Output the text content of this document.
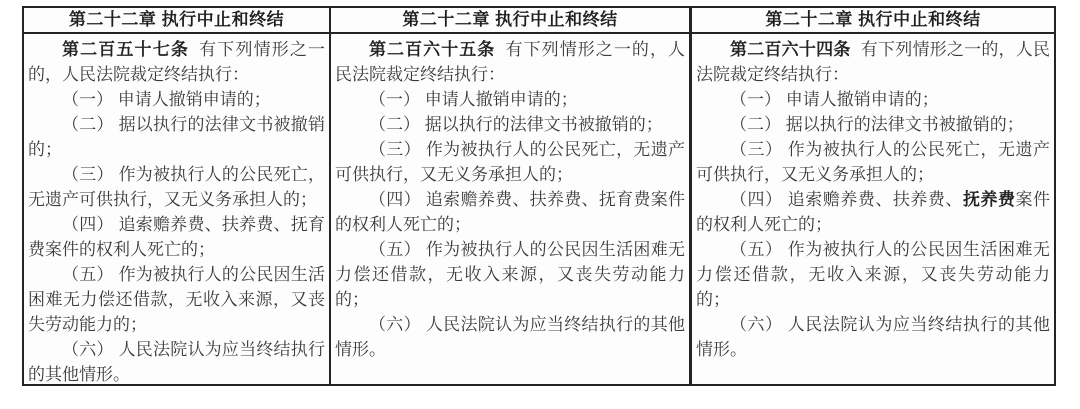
第二十二章 执行中止和终结

第二百五十七条 有下列情形之一的，人民法院裁定终结执行：

（一） 申请人撤销申请的；

（二） 据以执行的法律文书被撤销的；

（三） 作为被执行人的公民死亡，无遗产可供执行，又无义务承担人的；

（四） 追索赡养费、扶养费、抚育费案件的权利人死亡的；

（五） 作为被执行人的公民因生活困难无力偿还借款，无收入来源，又丧失劳动能力的；

（六） 人民法院认为应当终结执行的其他情形。

第二十二章 执行中止和终结

第二百六十五条 有下列情形之一的，人民法院裁定终结执行：

（一） 申请人撤销申请的；

（二） 据以执行的法律文书被撤销的；

（三） 作为被执行人的公民死亡，无遗产可供执行，又无义务承担人的；

（四） 追索赡养费、扶养费、抚育费案件的权利人死亡的；

（五） 作为被执行人的公民因生活困难无力偿还借款，无收入来源，又丧失劳动能力的；

（六） 人民法院认为应当终结执行的其他情形。

第二十二章 执行中止和终结

第二百六十四条 有下列情形之一的，人民法院裁定终结执行：

（一） 申请人撤销申请的；

（二） 据以执行的法律文书被撤销的；

（三） 作为被执行人的公民死亡，无遗产可供执行，又无义务承担人的；

（四） 追索赡养费、扶养费、抚养费案件的权利人死亡的；

（五） 作为被执行人的公民因生活困难无力偿还借款，无收入来源，又丧失劳动能力的；

（六） 人民法院认为应当终结执行的其他情形。
